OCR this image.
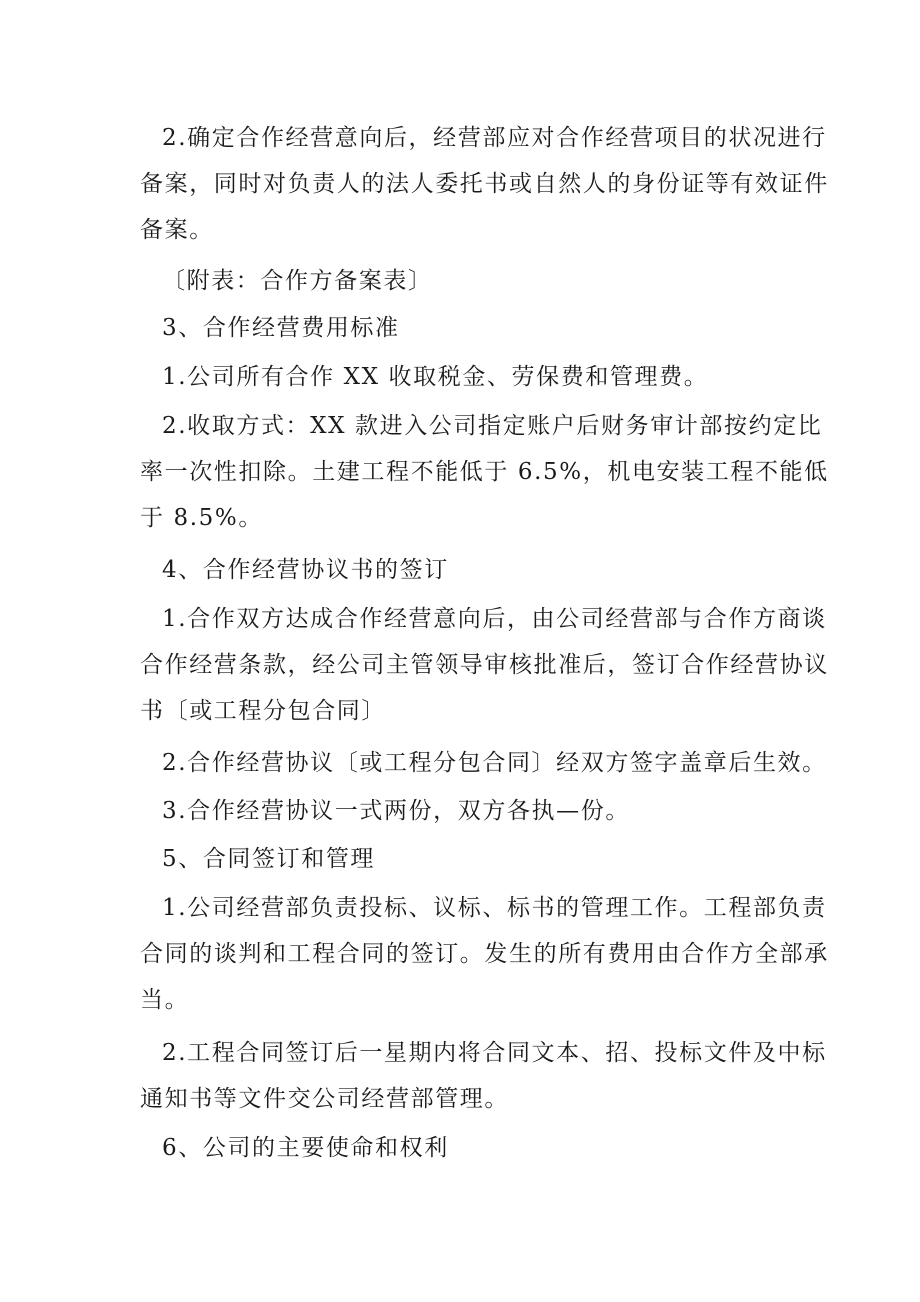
2.确定合作经营意向后，经营部应对合作经营项目的状况进行
备案，同时对负责人的法人委托书或自然人的身份证等有效证件
备案。
〔附表：合作方备案表〕
3、合作经营费用标准
1.公司所有合作 XX 收取税金、劳保费和管理费。
2.收取方式：XX 款进入公司指定账户后财务审计部按约定比
率一次性扣除。土建工程不能低于 6.5%，机电安装工程不能低
于 8.5%。
4、合作经营协议书的签订
1.合作双方达成合作经营意向后，由公司经营部与合作方商谈
合作经营条款，经公司主管领导审核批准后，签订合作经营协议
书〔或工程分包合同〕
2.合作经营协议〔或工程分包合同〕经双方签字盖章后生效。
3.合作经营协议一式两份，双方各执—份。
5、合同签订和管理
1.公司经营部负责投标、议标、标书的管理工作。工程部负责
合同的谈判和工程合同的签订。发生的所有费用由合作方全部承
当。
2.工程合同签订后一星期内将合同文本、招、投标文件及中标
通知书等文件交公司经营部管理。
6、公司的主要使命和权利
